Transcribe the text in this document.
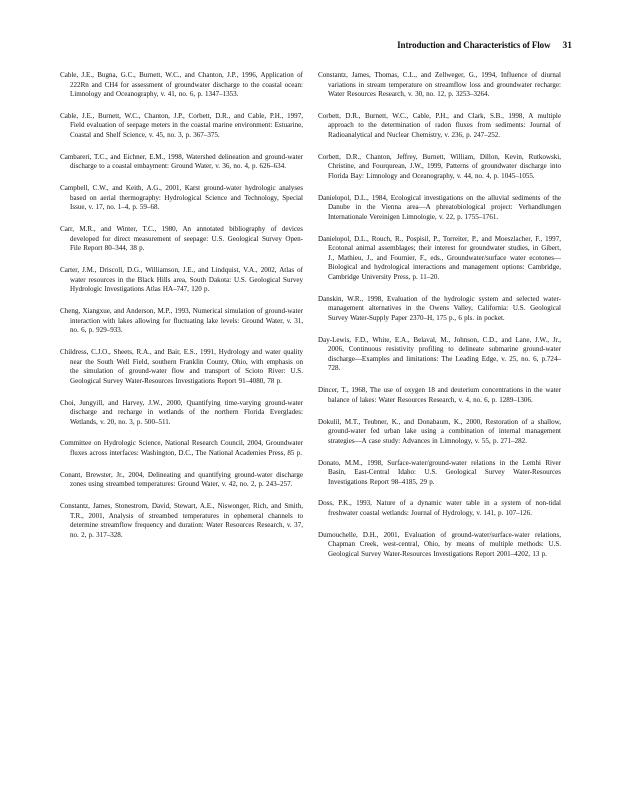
Introduction and Characteristics of Flow 31

Cable, J.E., Bugna, G.C., Burnett, W.C., and Chanton, J.P., 1996, Application of 222Rn and CH4 for assessment of groundwater discharge to the coastal ocean: Limnology and Oceanography, v. 41, no. 6, p. 1347–1353.

Cable, J.E., Burnett, W.C., Chanton, J.P., Corbett, D.R., and Cable, P.H., 1997, Field evaluation of seepage meters in the coastal marine environment: Estuarine, Coastal and Shelf Science, v. 45, no. 3, p. 367–375.

Cambareri, T.C., and Eichner, E.M., 1998, Watershed delineation and ground-water discharge to a coastal embayment: Ground Water, v. 36, no. 4, p. 626–634.

Campbell, C.W., and Keith, A.G., 2001, Karst ground-water hydrologic analyses based on aerial thermography: Hydrological Science and Technology, Special Issue, v. 17, no. 1–4, p. 59–68.

Carr, M.R., and Winter, T.C., 1980, An annotated bibliography of devices developed for direct measurement of seepage: U.S. Geological Survey Open-File Report 80–344, 38 p.

Carter, J.M., Driscoll, D.G., Williamson, J.E., and Lindquist, V.A., 2002, Atlas of water resources in the Black Hills area, South Dakota: U.S. Geological Survey Hydrologic Investigations Atlas HA–747, 120 p.

Cheng, Xiangxue, and Anderson, M.P., 1993, Numerical simulation of ground-water interaction with lakes allowing for fluctuating lake levels: Ground Water, v. 31, no. 6, p. 929–933.

Childress, C.J.O., Sheets, R.A., and Bair, E.S., 1991, Hydrology and water quality near the South Well Field, southern Franklin County, Ohio, with emphasis on the simulation of ground-water flow and transport of Scioto River: U.S. Geological Survey Water-Resources Investigations Report 91–4080, 78 p.

Choi, Jungyill, and Harvey, J.W., 2000, Quantifying time-varying ground-water discharge and recharge in wetlands of the northern Florida Everglades: Wetlands, v. 20, no. 3, p. 500–511.

Committee on Hydrologic Science, National Research Council, 2004, Groundwater fluxes across interfaces: Washington, D.C., The National Academies Press, 85 p.

Conant, Brewster, Jr., 2004, Delineating and quantifying ground-water discharge zones using streambed temperatures: Ground Water, v. 42, no. 2, p. 243–257.

Constantz, James, Stonestrom, David, Stewart, A.E., Niswonger, Rich, and Smith, T.R., 2001, Analysis of streambed temperatures in ephemeral channels to determine streamflow frequency and duration: Water Resources Research, v. 37, no. 2, p. 317–328.

Constantz, James, Thomas, C.L., and Zellweger, G., 1994, Influence of diurnal variations in stream temperature on streamflow loss and groundwater recharge: Water Resources Research, v. 30, no. 12, p. 3253–3264.

Corbett, D.R., Burnett, W.C., Cable, P.H., and Clark, S.B., 1998, A multiple approach to the determination of radon fluxes from sediments: Journal of Radioanalytical and Nuclear Chemistry, v. 236, p. 247–252.

Corbett, D.R., Chanton, Jeffrey, Burnett, William, Dillon, Kevin, Rutkowski, Christine, and Fourqurean, J.W., 1999, Patterns of groundwater discharge into Florida Bay: Limnology and Oceanography, v. 44, no. 4, p. 1045–1055.

Danielopol, D.L., 1984, Ecological investigations on the alluvial sediments of the Danube in the Vienna area—A phreatobiological project: Verhandlungen Internationale Vereinigen Limnologie, v. 22, p. 1755–1761.

Danielopol, D.L., Rouch, R., Pospisil, P., Torreiter, P., and Moeszlacher, F., 1997, Ecotonal animal assemblages; their interest for groundwater studies, in Gibert, J., Mathieu, J., and Fournier, F., eds., Groundwater/surface water ecotones—Biological and hydrological interactions and management options: Cambridge, Cambridge University Press, p. 11–20.

Danskin, W.R., 1998, Evaluation of the hydrologic system and selected water-management alternatives in the Owens Valley, California: U.S. Geological Survey Water-Supply Paper 2370–H, 175 p., 6 pls. in pocket.

Day-Lewis, F.D., White, E.A., Belaval, M., Johnson, C.D., and Lane, J.W., Jr., 2006, Continuous resistivity profiling to delineate submarine ground-water discharge—Examples and limitations: The Leading Edge, v. 25, no. 6, p.724–728.

Dincer, T., 1968, The use of oxygen 18 and deuterium concentrations in the water balance of lakes: Water Resources Research, v. 4, no. 6, p. 1289–1306.

Dokulil, M.T., Teubner, K., and Donabaum, K., 2000, Restoration of a shallow, ground-water fed urban lake using a combination of internal management strategies—A case study: Advances in Limnology, v. 55, p. 271–282.

Donato, M.M., 1998, Surface-water/ground-water relations in the Lemhi River Basin, East-Central Idaho: U.S. Geological Survey Water-Resources Investigations Report 98–4185, 29 p.

Doss, P.K., 1993, Nature of a dynamic water table in a system of non-tidal freshwater coastal wetlands: Journal of Hydrology, v. 141, p. 107–126.

Dumouchelle, D.H., 2001, Evaluation of ground-water/surface-water relations, Chapman Creek, west-central, Ohio, by means of multiple methods: U.S. Geological Survey Water-Resources Investigations Report 2001–4202, 13 p.
